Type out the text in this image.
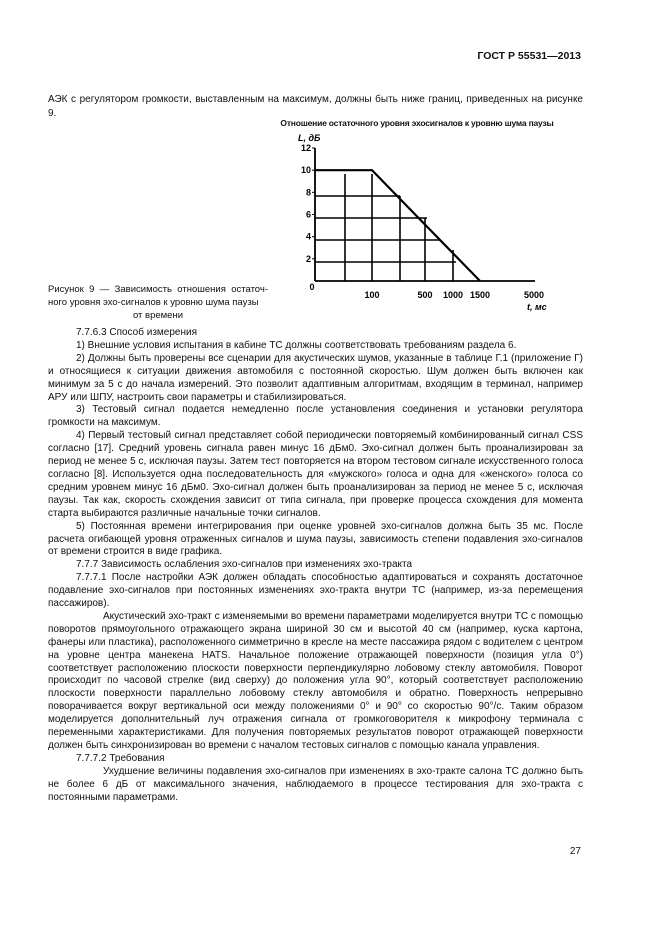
ГОСТ Р 55531—2013
АЭК с регулятором громкости, выставленным на максимум, должны быть ниже границ, приведенных на рисунке 9.
Отношение остаточного уровня эхосигналов к уровню шума паузы
2
4
6
8
10
12
0
100	500 1000 1500	5000
L, дБ
t, мс
Рисунок 9 — Зависимость отношения остаточ- ного уровня эхо-сигналов к уровню шума паузы
от времени

7.7.6.3 Способ измерения

1) Внешние условия испытания в кабине ТС должны соответствовать требованиям раздела 6.

2) Должны быть проверены все сценарии для акустических шумов, указанные в таблице Г.1 (приложение Г) и относящиеся к ситуации движения автомобиля с постоянной скоростью. Шум должен быть включен как минимум за 5 с до начала измерений. Это позволит адаптивным алгоритмам, входящим в терминал, например АРУ или ШПУ, настроить свои параметры и стабилизироваться.

3) Тестовый сигнал подается немедленно после установления соединения и установки регулятора громкости на максимум.

4) Первый тестовый сигнал представляет собой периодически повторяемый комбинированный сигнал CSS согласно [17]. Средний уровень сигнала равен минус 16 дБм0. Эхо-сигнал должен быть проанализирован за период не менее 5 с, исключая паузы. Затем тест повторяется на втором тестовом сигнале искусственного голоса согласно [8]. Используется одна последовательность для «мужского» голоса и одна для «женского» голоса со средним уровнем минус 16 дБм0. Эхо-сигнал должен быть проанализирован за период не менее 5 с, исключая паузы. Так как, скорость схождения зависит от типа сигнала, при проверке процесса схождения для момента старта выбираются различные начальные точки сигналов.

5) Постоянная времени интегрирования при оценке уровней эхо-сигналов должна быть 35 мс. После расчета огибающей уровня отраженных сигналов и шума паузы, зависимость степени подавления эхо-сигналов от времени строится в виде графика.

7.7.7 Зависимость ослабления эхо-сигналов при изменениях эхо-тракта

7.7.7.1 После настройки АЭК должен обладать способностью адаптироваться и сохранять достаточное подавление эхо-сигналов при постоянных изменениях эхо-тракта внутри ТС (например, из-за перемещения пассажиров).

Акустический эхо-тракт с изменяемыми во времени параметрами моделируется внутри ТС с помощью поворотов прямоугольного отражающего экрана шириной 30 см и высотой 40 см (например, куска картона, фанеры или пластика), расположенного симметрично в кресле на месте пассажира рядом с водителем с центром на уровне центра манекена HATS. Начальное положение отражающей поверхности (позиция угла 0°) соответствует расположению плоскости поверхности перпендикулярно лобовому стеклу автомобиля. Поворот происходит по часовой стрелке (вид сверху) до положения угла 90°, который соответствует расположению плоскости поверхности параллельно лобовому стеклу автомобиля и обратно. Поверхность непрерывно поворачивается вокруг вертикальной оси между положениями 0° и 90° со скоростью 90°/с. Таким образом моделируется дополнительный луч отражения сигнала от громкоговорителя к микрофону терминала с переменными характеристиками. Для получения повторяемых результатов поворот отражающей поверхности должен быть синхронизирован во времени с началом тестовых сигналов с помощью канала управления.

7.7.7.2 Требования

Ухудшение величины подавления эхо-сигналов при изменениях в эхо-тракте салона ТС должно быть не более 6 дБ от максимального значения, наблюдаемого в процессе тестирования для эхо-тракта с постоянными параметрами.

27
